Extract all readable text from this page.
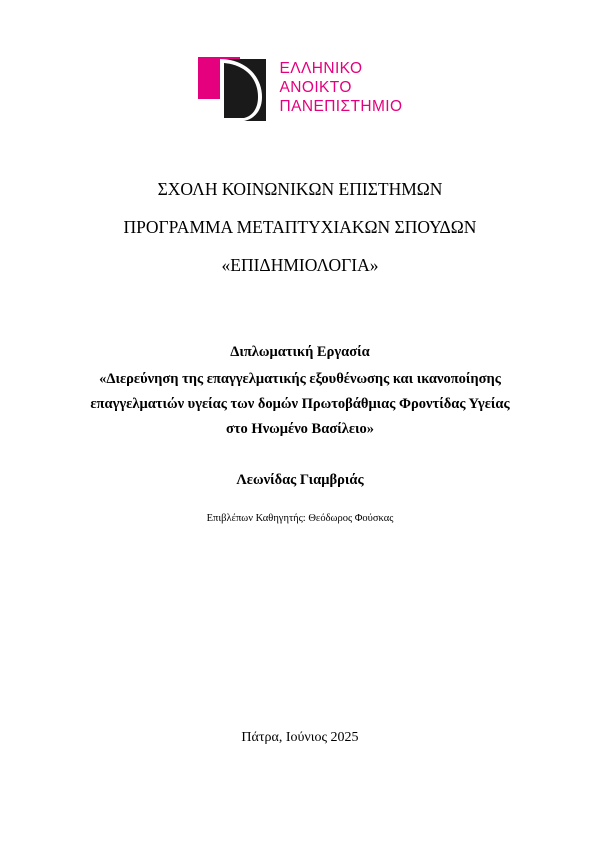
ΕΛΛΗΝΙΚΟ
ΑΝΟΙΚΤΟ
ΠΑΝΕΠΙΣΤΗΜΙΟ
ΣΧΟΛΗ ΚΟΙΝΩΝΙΚΩΝ ΕΠΙΣΤΗΜΩΝ
ΠΡΟΓΡΑΜΜΑ ΜΕΤΑΠΤΥΧΙΑΚΩΝ ΣΠΟΥΔΩΝ
«ΕΠΙΔΗΜΙΟΛΟΓΙΑ»
Διπλωματική Εργασία
«Διερεύνηση της επαγγελματικής εξουθένωσης και ικανοποίησης
επαγγελματιών υγείας των δομών Πρωτοβάθμιας Φροντίδας Υγείας
στο Ηνωμένο Βασίλειο»
Λεωνίδας Γιαμβριάς
Επιβλέπων Καθηγητής: Θεόδωρος Φούσκας
Πάτρα, Ιούνιος 2025
